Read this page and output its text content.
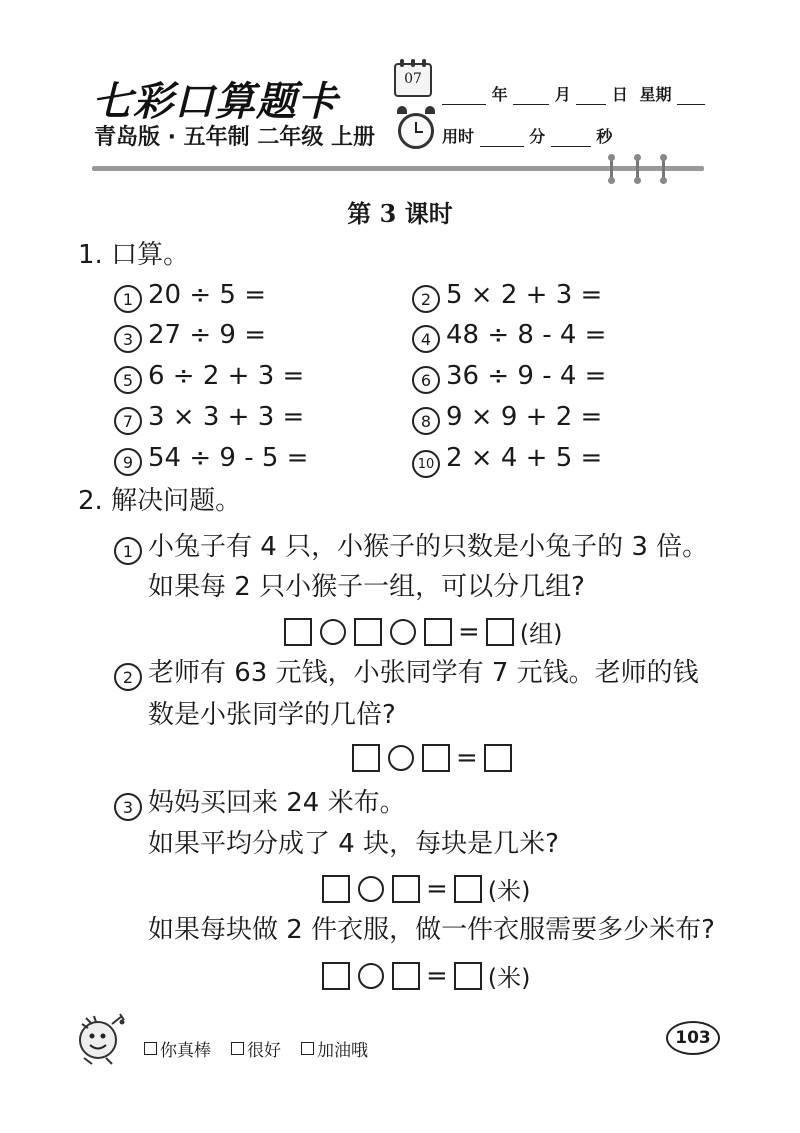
七彩口算题卡
青岛版 · 五年制 二年级 上册
07
年	月	日 星期
用时	分	秒
第 3 课时
1. 口算。
1 20 ÷ 5 =	2 5 × 2 + 3 =
3 27 ÷ 9 =	4 48 ÷ 8 - 4 =
5 6 ÷ 2 + 3 =	6 36 ÷ 9 - 4 =
7 3 × 3 + 3 =	8 9 × 9 + 2 =
9 54 ÷ 9 - 5 =	10 2 × 4 + 5 =
2. 解决问题。
1 小兔子有 4 只，小猴子的只数是小兔子的 3 倍。
如果每 2 只小猴子一组，可以分几组?
= (组)
2 老师有 63 元钱，小张同学有 7 元钱。老师的钱
数是小张同学的几倍?
=
3 妈妈买回来 24 米布。
如果平均分成了 4 块，每块是几米?
= (米)
如果每块做 2 件衣服，做一件衣服需要多少米布?
= (米)
你真棒 很好 加油哦
103
